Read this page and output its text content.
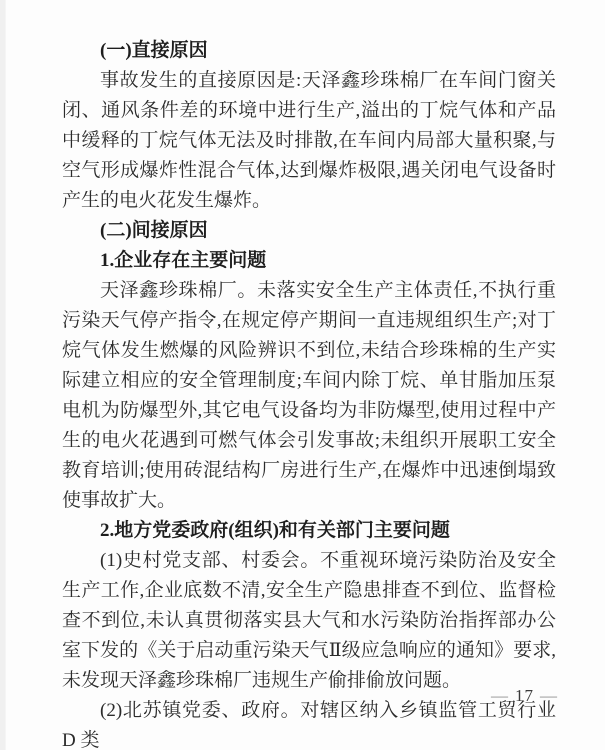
(一)直接原因

事故发生的直接原因是:天泽鑫珍珠棉厂在车间门窗关闭、通风条件差的环境中进行生产,溢出的丁烷气体和产品中缓释的丁烷气体无法及时排散,在车间内局部大量积聚,与空气形成爆炸性混合气体,达到爆炸极限,遇关闭电气设备时产生的电火花发生爆炸。

(二)间接原因
1.企业存在主要问题

天泽鑫珍珠棉厂。未落实安全生产主体责任,不执行重污染天气停产指令,在规定停产期间一直违规组织生产;对丁烷气体发生燃爆的风险辨识不到位,未结合珍珠棉的生产实际建立相应的安全管理制度;车间内除丁烷、单甘脂加压泵电机为防爆型外,其它电气设备均为非防爆型,使用过程中产生的电火花遇到可燃气体会引发事故;未组织开展职工安全教育培训;使用砖混结构厂房进行生产,在爆炸中迅速倒塌致使事故扩大。

2.地方党委政府(组织)和有关部门主要问题

(1)史村党支部、村委会。不重视环境污染防治及安全生产工作,企业底数不清,安全生产隐患排查不到位、监督检查不到位,未认真贯彻落实县大气和水污染防治指挥部办公室下发的《关于启动重污染天气Ⅱ级应急响应的通知》要求,未发现天泽鑫珍珠棉厂违规生产偷排偷放问题。

(2)北苏镇党委、政府。对辖区纳入乡镇监管工贸行业 D 类

— 17 —
